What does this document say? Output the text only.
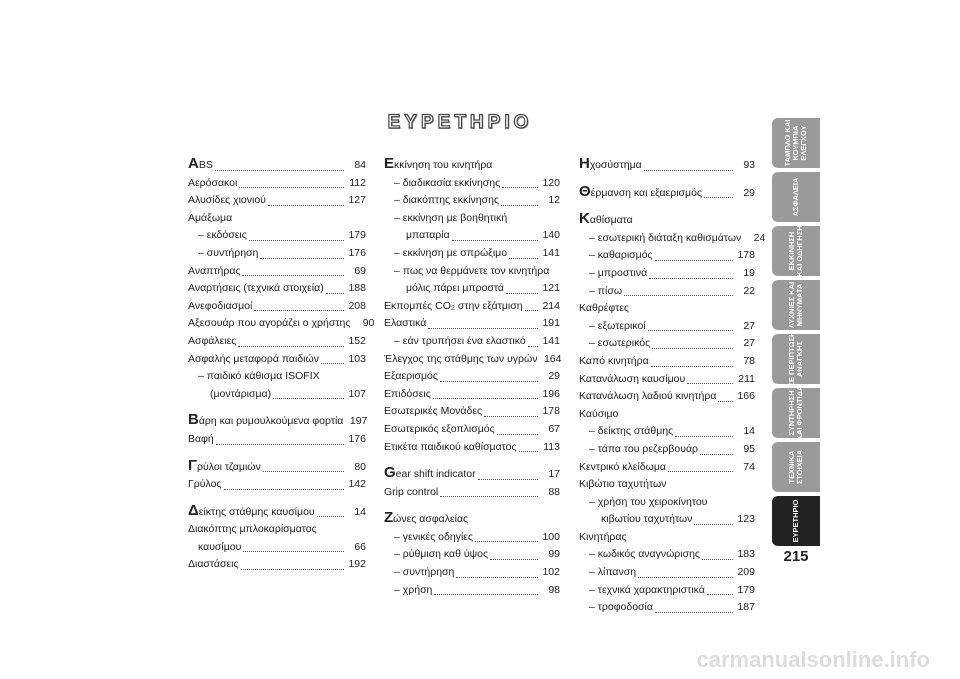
ΕΥΡΕΤΗΡΙΟ
ABS	84
Αερόσακοι	112
Αλυσίδες χιονιού	127
Αμάξωμα
– εκδόσεις	179
– συντήρηση	176
Αναπτήρας	69
Αναρτήσεις (τεχνικά στοιχεία) 188
Ανεφοδιασμοί	208
Αξεσουάρ που αγοράζει ο χρήστης	90
Ασφάλειες	152
Ασφαλής μεταφορά παιδιών	103
– παιδικό κάθισμα ISOFIX
(μοντάρισμα)	107
Bάρη και ρυμουλκούμενα φορτία 197
Βαφή	176
Γρύλοι τζαμιών	80
Γρύλος	142
Δείκτης στάθμης καυσίμου	14
Διακόπτης μπλοκαρίσματος
καυσίμου	66
Διαστάσεις	192
Eκκίνηση του κινητήρα
– διαδικασία εκκίνησης	120
– διακόπτης εκκίνησης	12
– εκκίνηση με βοηθητική
μπαταρία	140
– εκκίνηση με σπρώξιμο	141
– πως να θερμάνετε τον κινητήρα
μόλις πάρει μπροστά	121
Εκπομπές CO₂ στην εξάτμιση 214
Ελαστικά	191
– εάν τρυπήσει ένα ελαστικό 141
Έλεγχος της στάθμης των υγρών 164
Εξαερισμός	29
Επιδόσεις	196
Εσωτερικές Μονάδες	178
Εσωτερικός εξοπλισμός	67
Ετικέτα παιδικού καθίσματος	113
Gear shift indicator	17
Grip control	88
Zώνες ασφαλείας
– γενικές οδηγίες	100
– ρύθμιση καθ ύψος	99
– συντήρηση	102
– χρήση	98
Hχοσύστημα	93
Θέρμανση και εξαερισμός	29
Kαθίσματα
– εσωτερική διάταξη καθισμάτων	24
– καθαρισμός	178
– μπροστινά	19
– πίσω	22
Καθρέφτες
– εξωτερικοί	27
– εσωτερικός	27
Καπό κινητήρα	78
Κατανάλωση καυσίμου	211
Κατανάλωση λαδιού κινητήρα 166
Καύσιμο
– δείκτης στάθμης	14
– τάπα του ρεζερβουάρ	95
Κεντρικό κλείδωμα	74
Κιβώτιο ταχυτήτων
– χρήση του χειροκίνητου
κιβωτίου ταχυτήτων	123
Κινητήρας
– κωδικός αναγνώρισης	183
– λίπανση	209
– τεχνικά χαρακτηριστικά	179
– τροφοδοσία	187
ΤΑΜΠΛΟ ΚΑΙ
ΚΟΥΜΠΙΑ
ΕΛΕΓΧΟΥ
ΑΣΦΑΛΕΙΑ
ΕΚΚΙΝΗΣΗ
ΚΑΙ ΟΔΗΓΗΣΗ
ΛΥΧΝΙΕΣ ΚΑΙ
ΜΗΝΥΜΑΤΑ
ΣΕ ΠΕΡΙΠΤΩΣΗ
ΑΝΑΓΚΗΣ
ΣΥΝΤΗΡΗΣΗ
ΚΑΙ ΦΡΟΝΤΙΔΑ
ΤΕΧΝΙΚΑ
ΣΤΟΙΧΕΙΑ
ΕΥΡΕΤΗΡΙΟ
215
carmanualsonline.info
